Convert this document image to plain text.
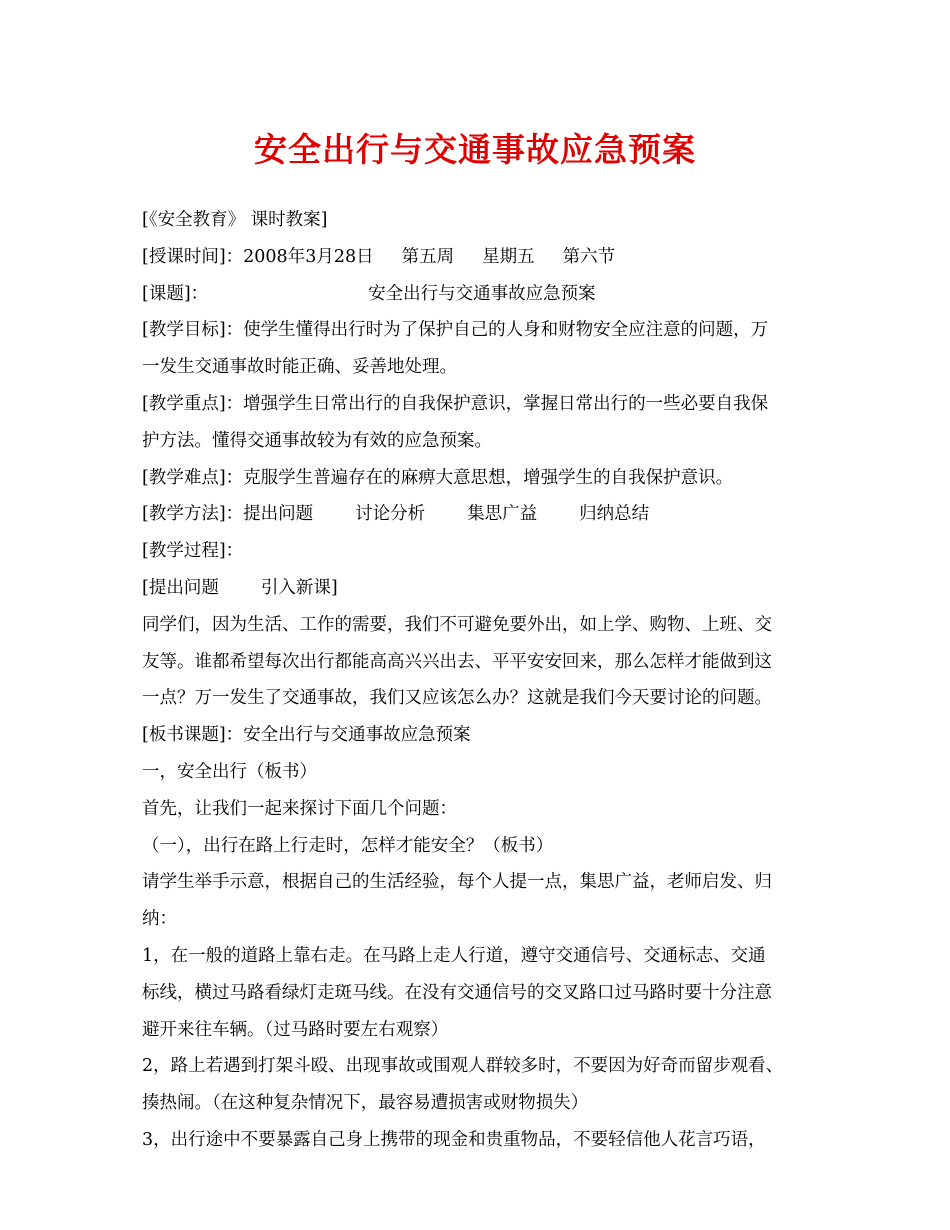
安全出行与交通事故应急预案
[《安全教育》 课时教案]
[授课时间]：2008年3月28日 第五周 星期五 第六节
[课题]：	安全出行与交通事故应急预案
[教学目标]：使学生懂得出行时为了保护自己的人身和财物安全应注意的问题，万
一发生交通事故时能正确、妥善地处理。
[教学重点]：增强学生日常出行的自我保护意识，掌握日常出行的一些必要自我保
护方法。懂得交通事故较为有效的应急预案。
[教学难点]：克服学生普遍存在的麻痹大意思想，增强学生的自我保护意识。
[教学方法]：提出问题 讨论分析 集思广益 归纳总结
[教学过程]：
[提出问题 引入新课]
同学们，因为生活、工作的需要，我们不可避免要外出，如上学、购物、上班、交
友等。谁都希望每次出行都能高高兴兴出去、平平安安回来，那么怎样才能做到这
一点？万一发生了交通事故，我们又应该怎么办？这就是我们今天要讨论的问题。
[板书课题]：安全出行与交通事故应急预案
一，安全出行（板书）
首先，让我们一起来探讨下面几个问题：
（一），出行在路上行走时，怎样才能安全？（板书）
请学生举手示意，根据自己的生活经验，每个人提一点，集思广益，老师启发、归
纳：
1，在一般的道路上靠右走。在马路上走人行道，遵守交通信号、交通标志、交通
标线，横过马路看绿灯走斑马线。在没有交通信号的交叉路口过马路时要十分注意
避开来往车辆。（过马路时要左右观察）
2，路上若遇到打架斗殴、出现事故或围观人群较多时，不要因为好奇而留步观看、
揍热闹。（在这种复杂情况下，最容易遭损害或财物损失）
3，出行途中不要暴露自己身上携带的现金和贵重物品，不要轻信他人花言巧语，
